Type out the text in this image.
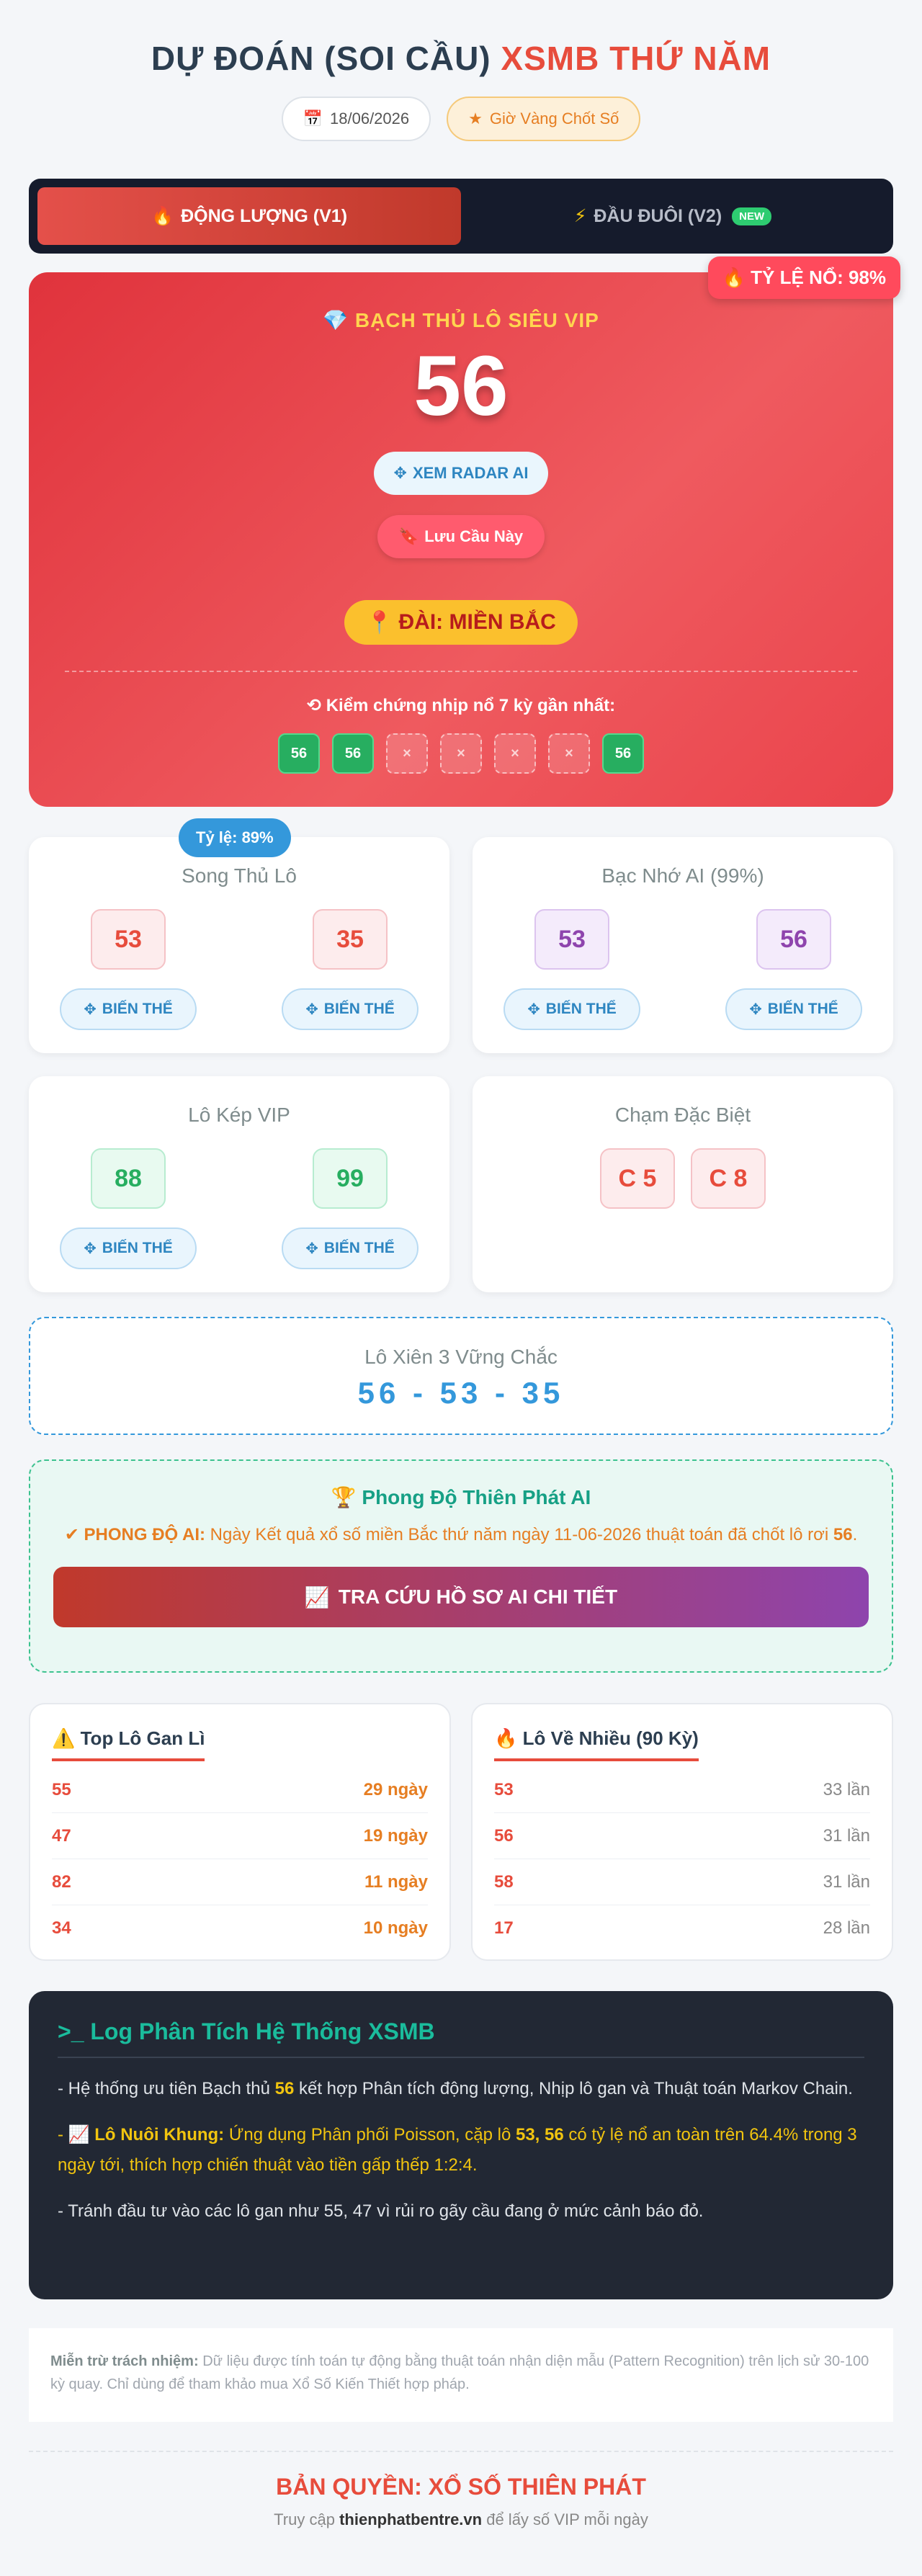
DỰ ĐOÁN (SOI CẦU) XSMB THỨ NĂM
📅 18/06/2026	★ Giờ Vàng Chốt Số
🔥 ĐỘNG LƯỢNG (V1)	⚡ ĐẦU ĐUÔI (V2)	NEW
🔥 TỶ LỆ NỔ: 98%
💎 BẠCH THỦ LÔ SIÊU VIP
56
✥ XEM RADAR AI
🔖 Lưu Cầu Này
📍 ĐÀI: MIỀN BẮC
⟲ Kiểm chứng nhịp nổ 7 kỳ gần nhất:
56	56	×	×	×	×	56
Tỷ lệ: 89%
Song Thủ Lô
53
✥ BIẾN THỂ
35
✥ BIẾN THỂ
Bạc Nhớ AI (99%)
53
✥ BIẾN THỂ
56
✥ BIẾN THỂ
Lô Kép VIP
88
✥ BIẾN THỂ
99
✥ BIẾN THỂ
Chạm Đặc Biệt
C 5	C 8
Lô Xiên 3 Vững Chắc
56 - 53 - 35
🏆 Phong Độ Thiên Phát AI
✔ PHONG ĐỘ AI: Ngày Kết quả xổ số miền Bắc thứ năm ngày 11-06-2026 thuật toán đã chốt lô rơi 56.
📈 TRA CỨU HỒ SƠ AI CHI TIẾT
⚠️ Top Lô Gan Lì
55	29 ngày
47	19 ngày
82	11 ngày
34	10 ngày
🔥 Lô Về Nhiều (90 Kỳ)
53	33 lần
56	31 lần
58	31 lần
17	28 lần
>_ Log Phân Tích Hệ Thống XSMB

- Hệ thống ưu tiên Bạch thủ 56 kết hợp Phân tích động lượng, Nhịp lô gan và Thuật toán Markov Chain.

- 📈 Lô Nuôi Khung: Ứng dụng Phân phối Poisson, cặp lô 53, 56 có tỷ lệ nổ an toàn trên 64.4% trong 3 ngày tới, thích hợp chiến thuật vào tiền gấp thếp 1:2:4.

- Tránh đầu tư vào các lô gan như 55, 47 vì rủi ro gãy cầu đang ở mức cảnh báo đỏ.

Miễn trừ trách nhiệm: Dữ liệu được tính toán tự động bằng thuật toán nhận diện mẫu (Pattern Recognition) trên lịch sử 30-100 kỳ quay. Chỉ dùng để tham khảo mua Xổ Số Kiến Thiết hợp pháp.
BẢN QUYỀN: XỔ SỐ THIÊN PHÁT
Truy cập thienphatbentre.vn để lấy số VIP mỗi ngày
